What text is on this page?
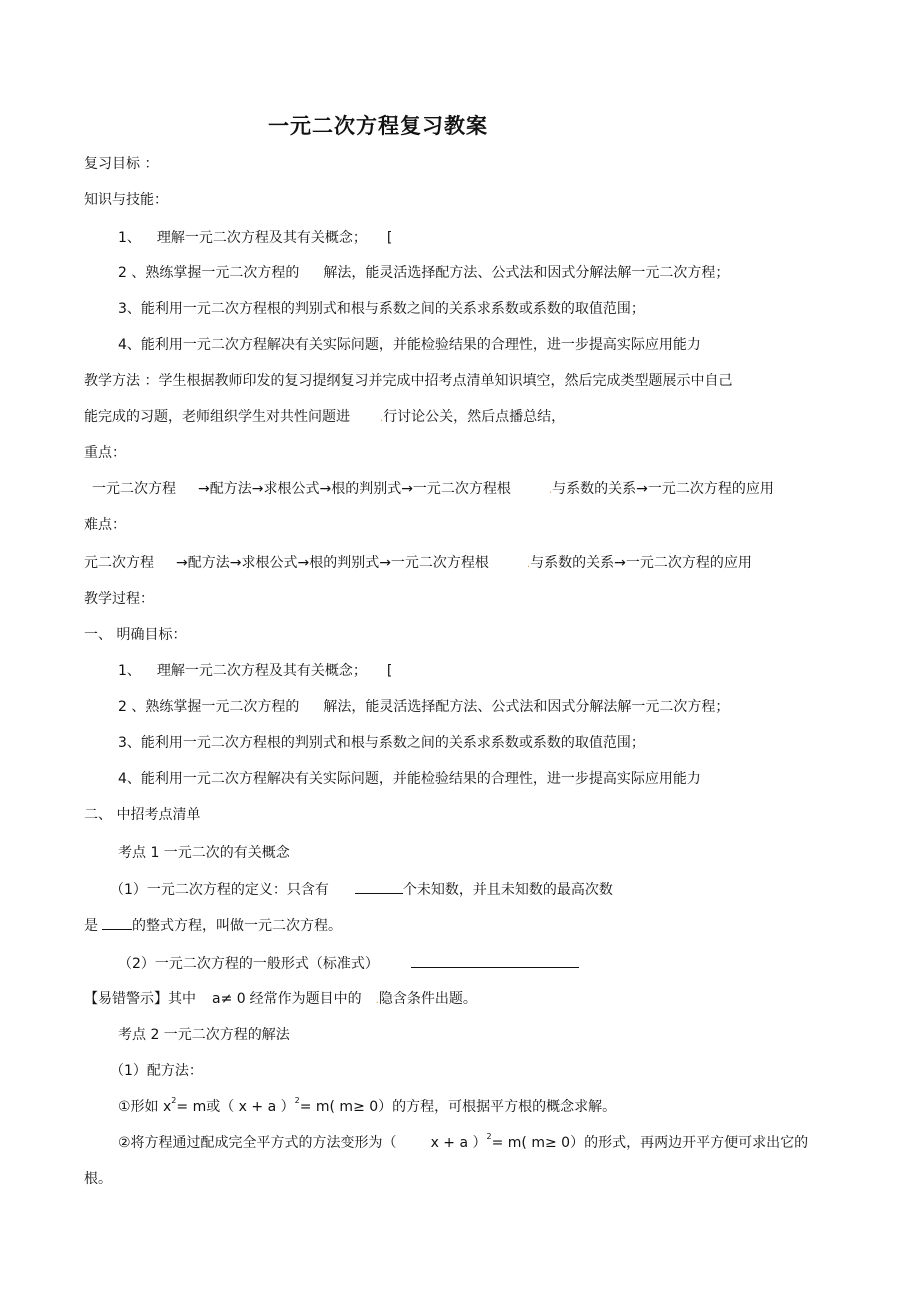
一元二次方程复习教案
复习目标 ：
知识与技能：
1、 理解一元二次方程及其有关概念； [
2 、熟练掌握一元二次方程的 解法，能灵活选择配方法、公式法和因式分解法解一元二次方程；
3、能利用一元二次方程根的判别式和根与系数之间的关系求系数或系数的取值范围；
4、能利用一元二次方程解决有关实际问题，并能检验结果的合理性，进一步提高实际应用能力
教学方法 ：学生根据教师印发的复习提纲复习并完成中招考点清单知识填空，然后完成类型题展示中自己
能完成的习题，老师组织学生对共性问题进	.行讨论公关，然后点播总结，
重点：
一元二次方程 →配方法→求根公式→根的判别式→一元二次方程根	.与系数的关系→一元二次方程的应用
难点：
元二次方程 →配方法→求根公式→根的判别式→一元二次方程根	.与系数的关系→一元二次方程的应用
教学过程：
一、 明确目标：
1、 理解一元二次方程及其有关概念； [
2 、熟练掌握一元二次方程的 解法，能灵活选择配方法、公式法和因式分解法解一元二次方程；
3、能利用一元二次方程根的判别式和根与系数之间的关系求系数或系数的取值范围；
4、能利用一元二次方程解决有关实际问题，并能检验结果的合理性，进一步提高实际应用能力
二、 中招考点清单
考点 1 一元二次的有关概念
（1）一元二次方程的定义：只含有	个未知数，并且未知数的最高次数
是 的整式方程，叫做一元二次方程。
（2）一元二次方程的一般形式（标准式）
【易错警示】其中 a≠ 0 经常作为题目中的 .隐含条件出题。
考点 2 一元二次方程的解法
（1）配方法：
①形如 $x^2= m$或（ x + a ）$^2$= m( m≥ 0）的方程，可根据平方根的概念求解。
②将方程通过配成完全平方式的方法变形为（ x + a ）$^2$= m( m≥ 0）的形式，再两边开平方便可求出它的
根。
